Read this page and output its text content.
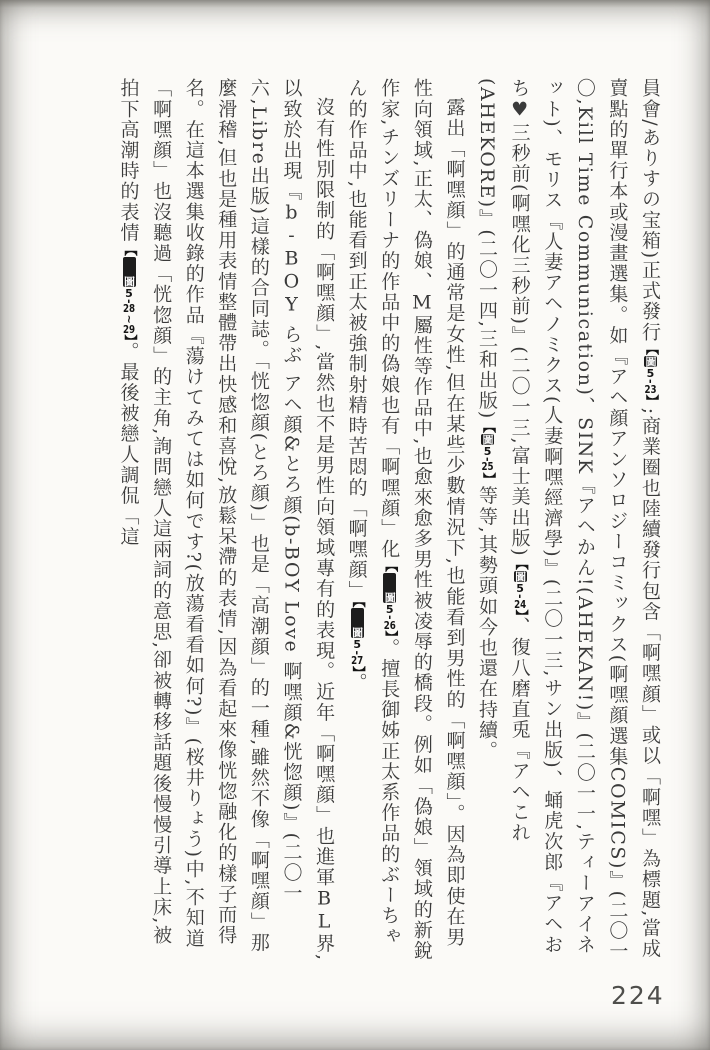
員會/ありすの宝箱)正式發行【圖5-23】;商業圈也陸續發行包含「啊嘿顔」或以「啊嘿」為標題,當成賣點的單行本或漫畫選集。如『アヘ顔アンソロジーコミックス(啊嘿顔選集COMICS)』(二〇一〇,Kill Time Communication)、SINK『アヘかん!(AHEKAN!)』(二〇一一,ティーアイネット)、モリス『人妻アヘノミクス(人妻啊嘿經濟學)』(二〇一三,サン出版)、蛹虎次郎『アヘおち♥三秒前(啊嘿化三秒前)』(二〇一三,富士美出版)【圖5-24】、復八磨直兎『アヘこれ(AHEKORE)』(二〇一四,三和出版)【圖5-25】等等,其勢頭如今也還在持續。

露出「啊嘿顔」的通常是女性,但在某些少數情況下,也能看到男性的「啊嘿顔」。因為即使在男性向領域,正太、偽娘、M屬性等作品中,也愈來愈多男性被凌辱的橋段。例如「偽娘」領域的新銳作家,チンズリーナ的作品中的偽娘也有「啊嘿顔」化【圖5-26】。擅長御姊正太系作品的ぶーちゃん的作品中,也能看到正太被強制射精時苦悶的「啊嘿顔」【圖5-27】。

沒有性別限制的「啊嘿顔」,當然也不是男性向領域專有的表現。近年「啊嘿顔」也進軍BL界,以致於出現『b-BOY らぶ アヘ顔&とろ顔(b-BOY Love 啊嘿顔&恍惚顔)』(二〇一六,Libre出版)這樣的合同誌。「恍惚顔(とろ顔)」也是「高潮顔」的一種,雖然不像「啊嘿顔」那麼滑稽,但也是種用表情整體帶出快感和喜悅,放鬆呆滯的表情,因為看起來像恍惚融化的樣子而得名。在這本選集收錄的作品『蕩けてみては如何です?(放蕩看看如何?)』(桜井りょう)中,不知道「啊嘿顔」也沒聽過「恍惚顔」的主角,詢問戀人這兩詞的意思,卻被轉移話題後慢慢引導上床,被拍下高潮時的表情【圖5-28~29】。最後被戀人調侃「這

224
